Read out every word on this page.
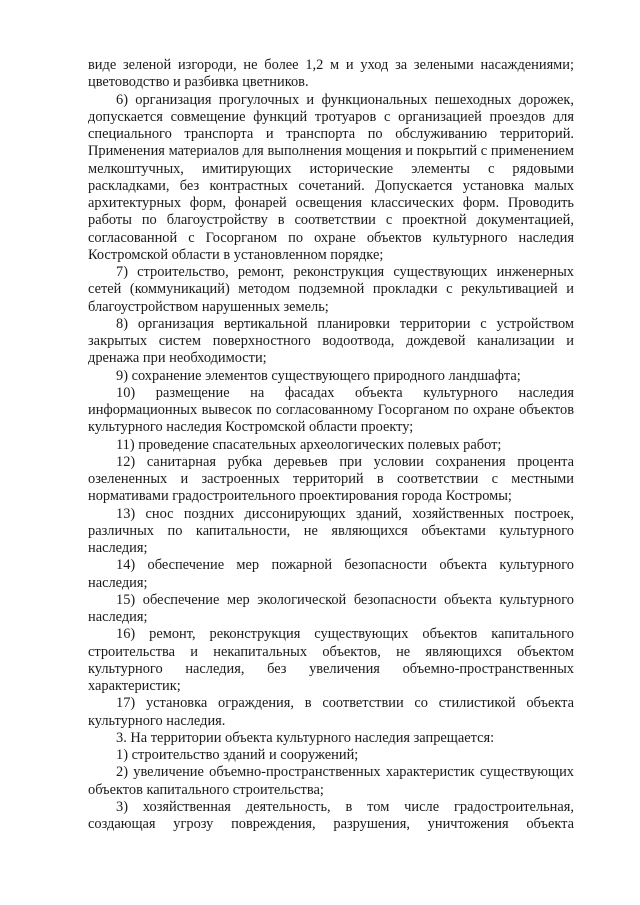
виде зеленой изгороди, не более 1,2 м и уход за зелеными насаждениями; цветоводство и разбивка цветников.

6) организация прогулочных и функциональных пешеходных дорожек, допускается совмещение функций тротуаров с организацией проездов для специального транспорта и транспорта по обслуживанию территорий. Применения материалов для выполнения мощения и покрытий с применением мелкоштучных, имитирующих исторические элементы с рядовыми раскладками, без контрастных сочетаний. Допускается установка малых архитектурных форм, фонарей освещения классических форм. Проводить работы по благоустройству в соответствии с проектной документацией, согласованной с Госорганом по охране объектов культурного наследия Костромской области в установленном порядке;

7) строительство, ремонт, реконструкция существующих инженерных сетей (коммуникаций) методом подземной прокладки с рекультивацией и благоустройством нарушенных земель;

8) организация вертикальной планировки территории с устройством закрытых систем поверхностного водоотвода, дождевой канализации и дренажа при необходимости;

9) сохранение элементов существующего природного ландшафта;

10) размещение на фасадах объекта культурного наследия информационных вывесок по согласованному Госорганом по охране объектов культурного наследия Костромской области проекту;

11) проведение спасательных археологических полевых работ;

12) санитарная рубка деревьев при условии сохранения процента озелененных и застроенных территорий в соответствии с местными нормативами градостроительного проектирования города Костромы;

13) снос поздних диссонирующих зданий, хозяйственных построек, различных по капитальности, не являющихся объектами культурного наследия;

14) обеспечение мер пожарной безопасности объекта культурного наследия;

15) обеспечение мер экологической безопасности объекта культурного наследия;

16) ремонт, реконструкция существующих объектов капитального строительства и некапитальных объектов, не являющихся объектом культурного наследия, без увеличения объемно-пространственных характеристик;

17) установка ограждения, в соответствии со стилистикой объекта культурного наследия.

3. На территории объекта культурного наследия запрещается:

1) строительство зданий и сооружений;

2) увеличение объемно-пространственных характеристик существующих объектов капитального строительства;

3) хозяйственная деятельность, в том числе градостроительная, создающая угрозу повреждения, разрушения, уничтожения объекта
